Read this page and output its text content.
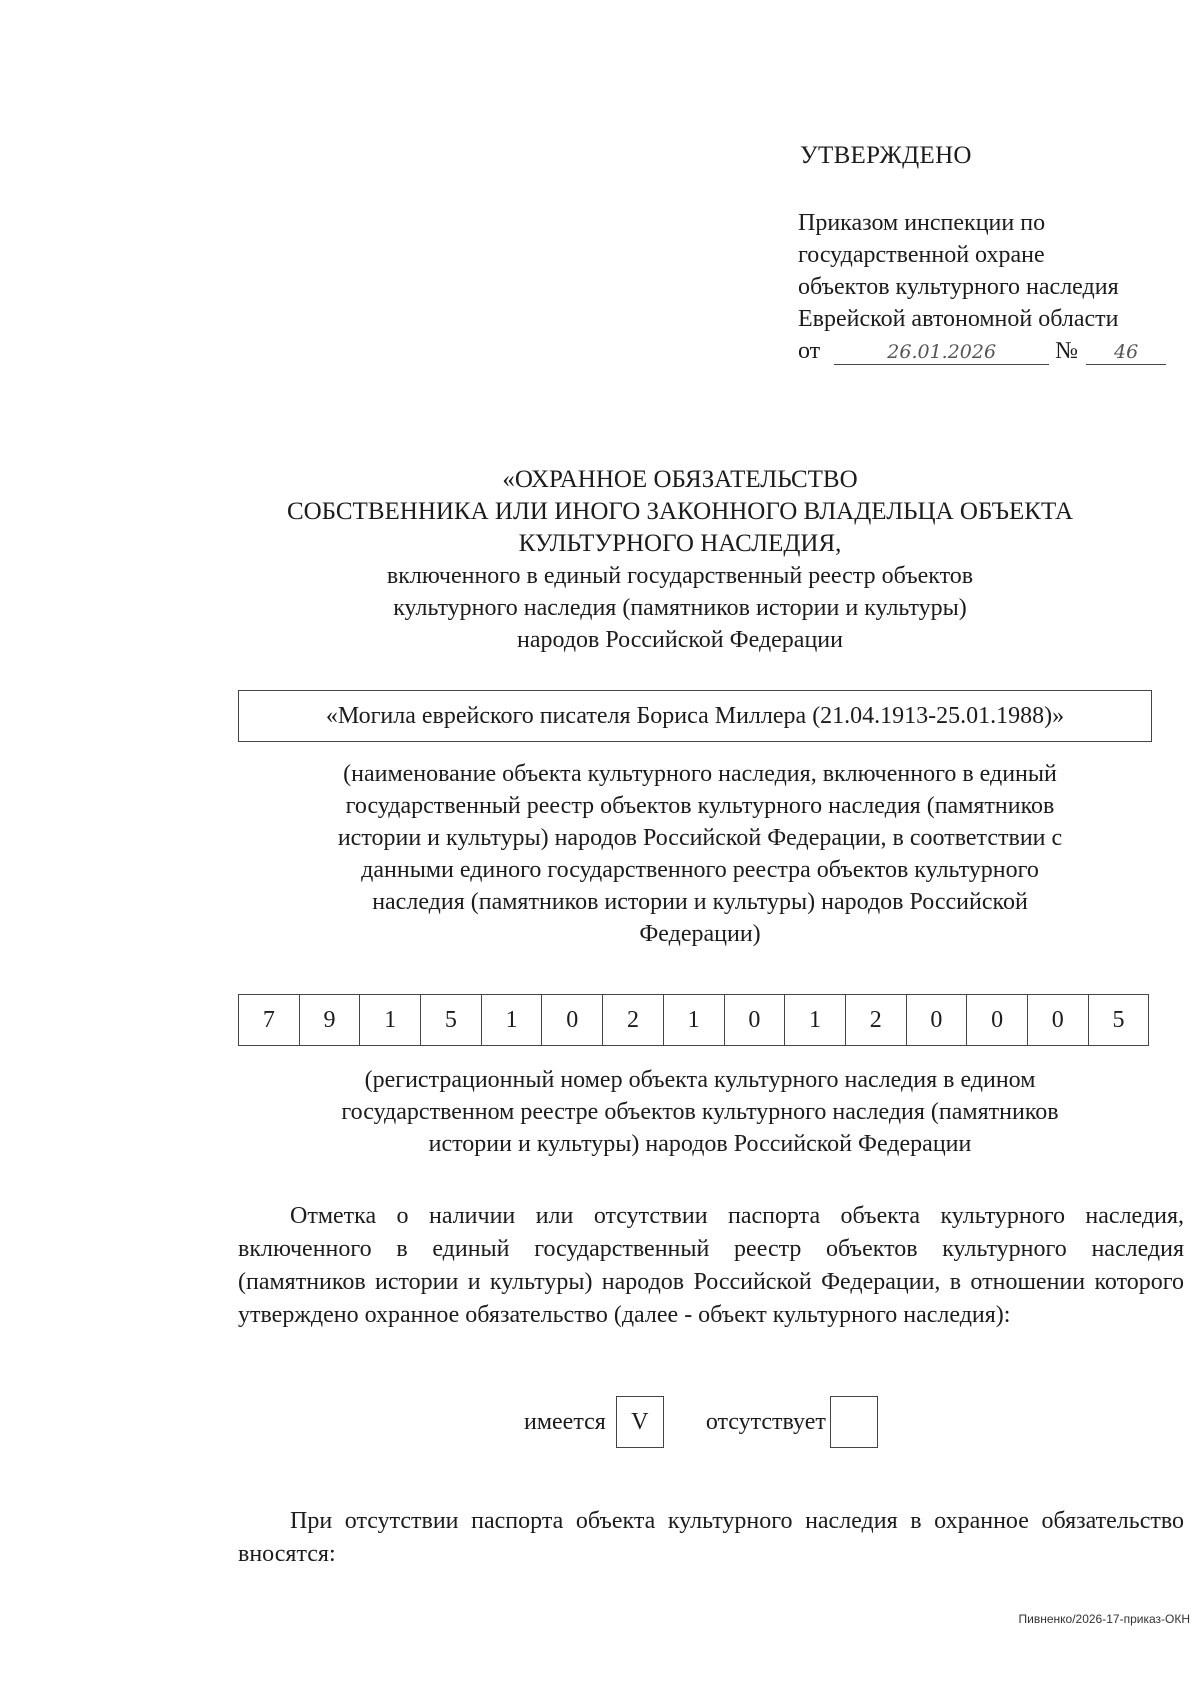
УТВЕРЖДЕНО
Приказом инспекции по
государственной охране
объектов культурного наследия
Еврейской автономной области
от	26.01.2026	№	46
«ОХРАННОЕ ОБЯЗАТЕЛЬСТВО
СОБСТВЕННИКА ИЛИ ИНОГО ЗАКОННОГО ВЛАДЕЛЬЦА ОБЪЕКТА
КУЛЬТУРНОГО НАСЛЕДИЯ,
включенного в единый государственный реестр объектов
культурного наследия (памятников истории и культуры)
народов Российской Федерации
«Могила еврейского писателя Бориса Миллера (21.04.1913-25.01.1988)»
(наименование объекта культурного наследия, включенного в единый
государственный реестр объектов культурного наследия (памятников
истории и культуры) народов Российской Федерации, в соответствии с
данными единого государственного реестра объектов культурного
наследия (памятников истории и культуры) народов Российской
Федерации)
7	9	1	5	1	0	2	1	0	1	2	0	0	0	5
(регистрационный номер объекта культурного наследия в едином
государственном реестре объектов культурного наследия (памятников
истории и культуры) народов Российской Федерации
Отметка о наличии или отсутствии паспорта объекта культурного наследия, включенного в единый государственный реестр объектов культурного наследия (памятников истории и культуры) народов Российской Федерации, в отношении которого утверждено охранное обязательство (далее - объект культурного наследия):
имеется	V	отсутствует
При отсутствии паспорта объекта культурного наследия в охранное обязательство вносятся:
Пивненко/2026-17-приказ-ОКН
